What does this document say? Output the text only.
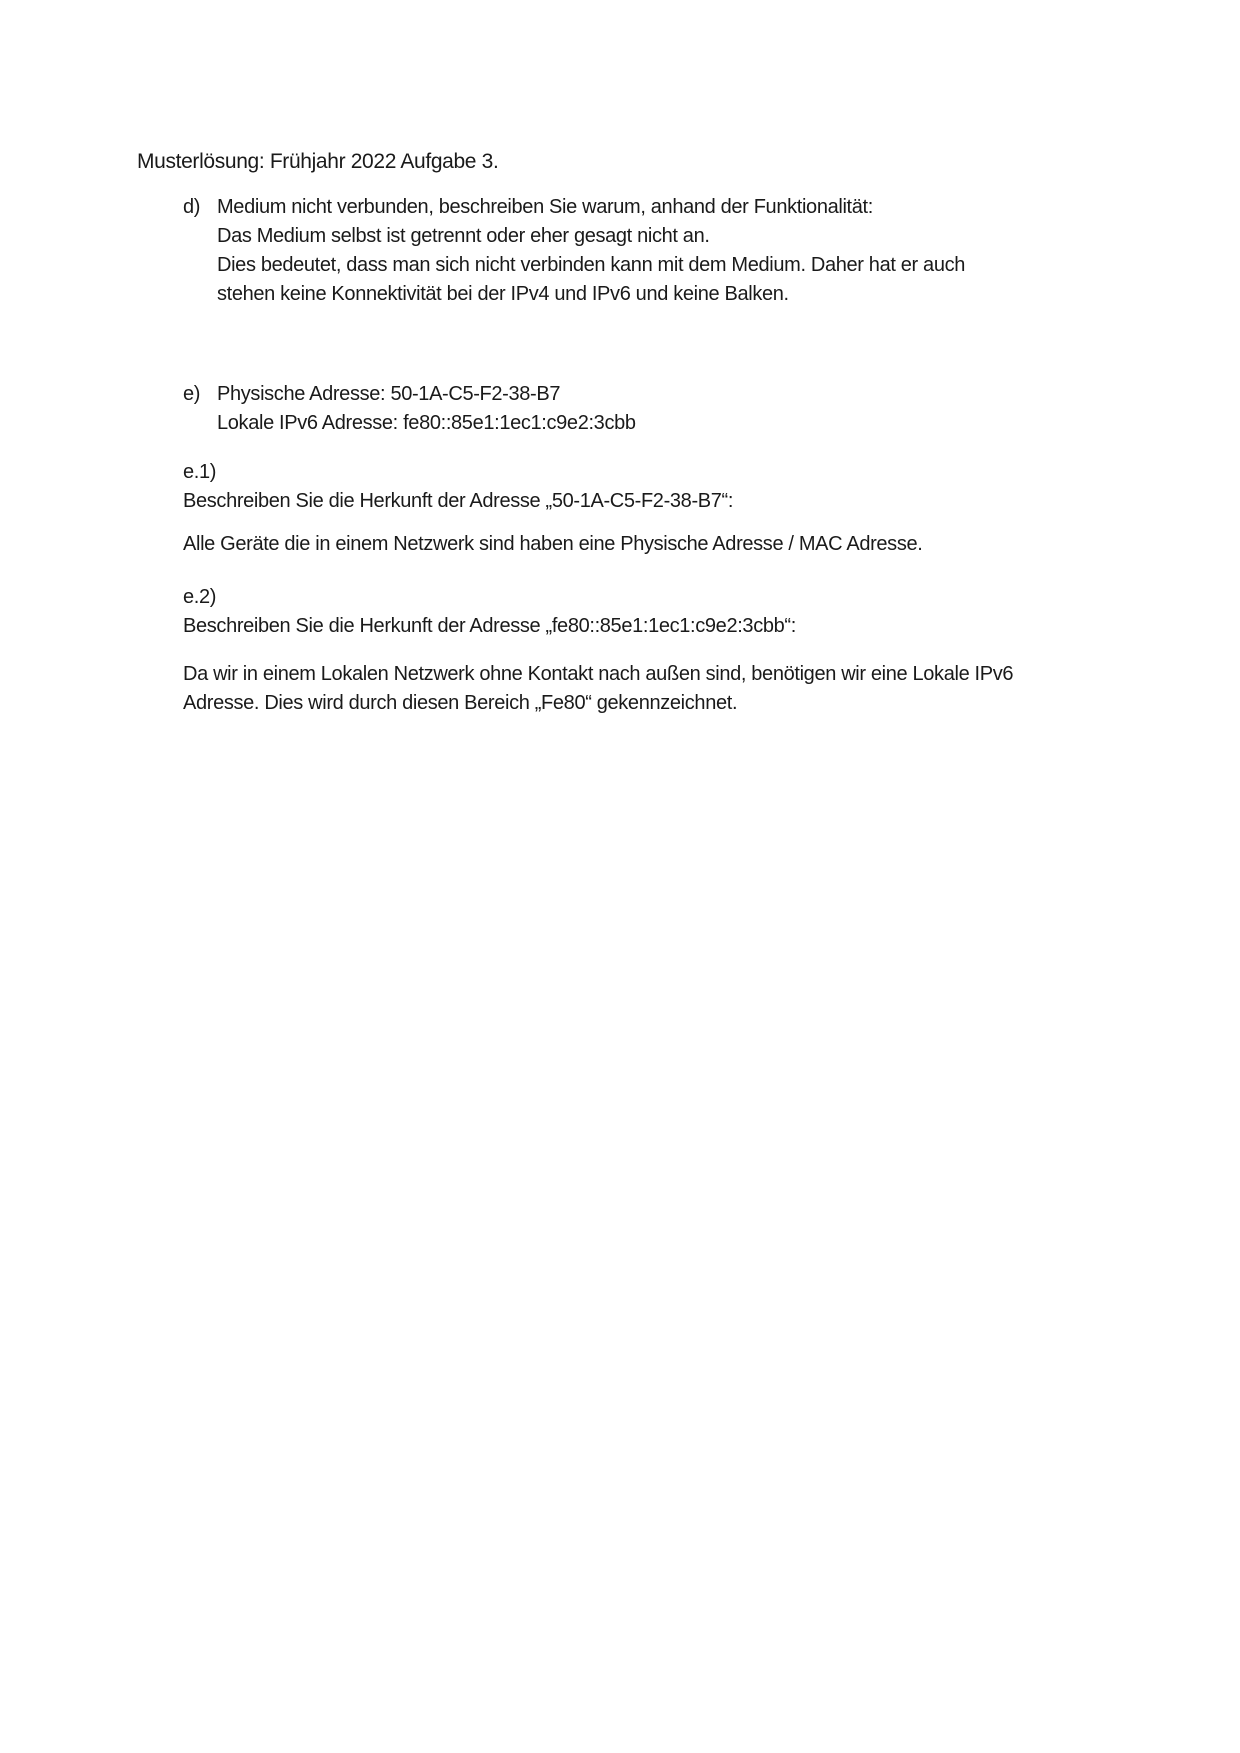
Musterlösung: Frühjahr 2022 Aufgabe 3.
d) Medium nicht verbunden, beschreiben Sie warum, anhand der Funktionalität:
Das Medium selbst ist getrennt oder eher gesagt nicht an.
Dies bedeutet, dass man sich nicht verbinden kann mit dem Medium. Daher hat er auch
stehen keine Konnektivität bei der IPv4 und IPv6 und keine Balken.
e) Physische Adresse: 50-1A-C5-F2-38-B7
Lokale IPv6 Adresse: fe80::85e1:1ec1:c9e2:3cbb
e.1)
Beschreiben Sie die Herkunft der Adresse „50-1A-C5-F2-38-B7“:
Alle Geräte die in einem Netzwerk sind haben eine Physische Adresse / MAC Adresse.
e.2)
Beschreiben Sie die Herkunft der Adresse „fe80::85e1:1ec1:c9e2:3cbb“:
Da wir in einem Lokalen Netzwerk ohne Kontakt nach außen sind, benötigen wir eine Lokale IPv6
Adresse. Dies wird durch diesen Bereich „Fe80“ gekennzeichnet.
